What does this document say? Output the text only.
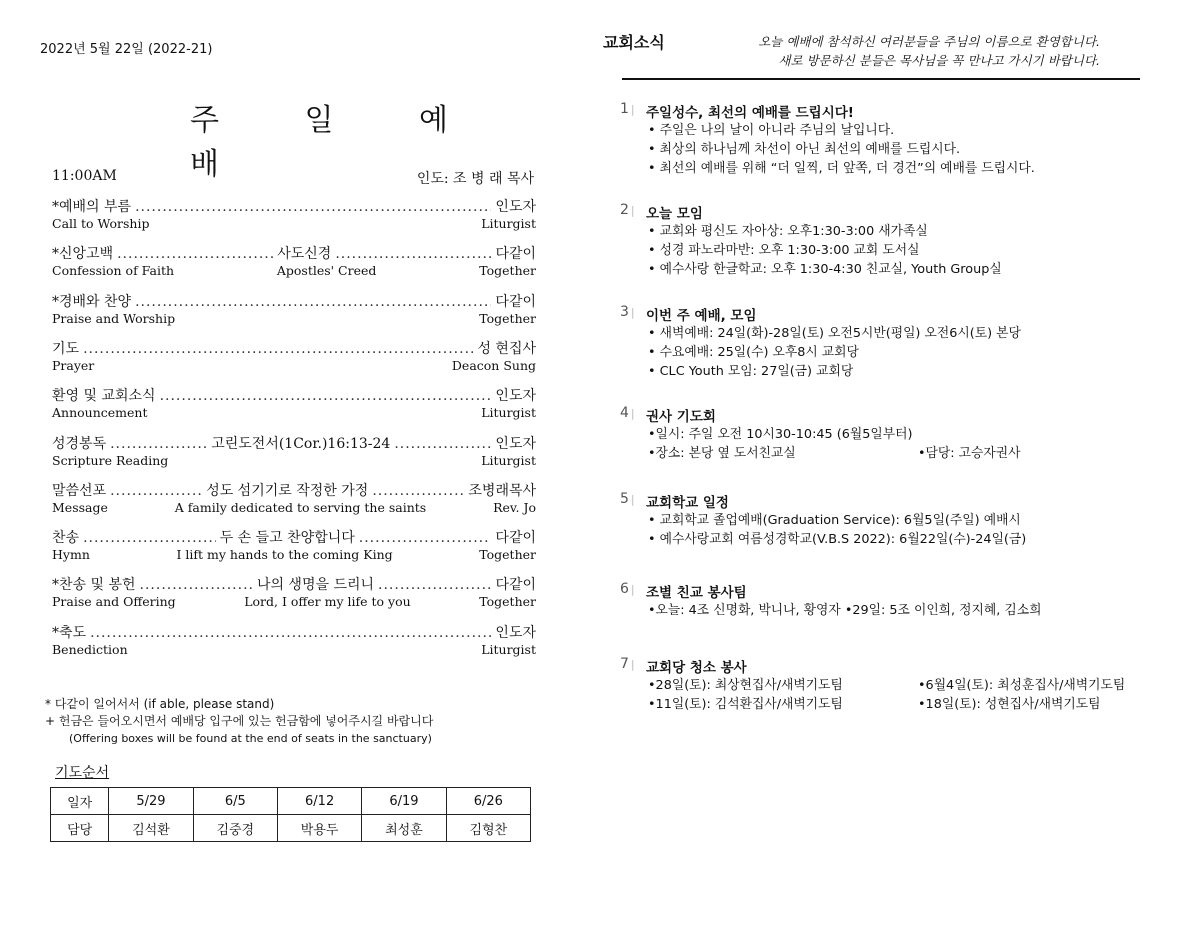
2022년 5월 22일 (2022-21)
주 일 예 배
11:00AM	인도: 조 병 래 목사
*예배의 부름 .....	인도자
Call to Worship	Liturgist
*신앙고백 .....	사도신경 .....	다같이
Confession of Faith	Apostles' Creed	Together
*경배와 찬양 .....	다같이
Praise and Worship	Together
기도 .....	성 현집사
Prayer	Deacon Sung
환영 및 교회소식 .....	인도자
Announcement	Liturgist
성경봉독 .....	고린도전서(1Cor.)16:13-24 .....	인도자
Scripture Reading	Liturgist
말씀선포 .....	성도 섬기기로 작정한 가정 .....	조병래목사
Message	A family dedicated to serving the saints	Rev. Jo
찬송 .....	두 손 들고 찬양합니다 .....	다같이
Hymn	I lift my hands to the coming King	Together
*찬송 및 봉헌 .....	나의 생명을 드리니 .....	다같이
Praise and Offering	Lord, I offer my life to you	Together
*축도 .....	인도자
Benediction	Liturgist
* 다같이 일어서서 (if able, please stand)
+ 헌금은 들어오시면서 예배당 입구에 있는 헌금함에 넣어주시길 바랍니다
(Offering boxes will be found at the end of seats in the sanctuary)
기도순서
일자	5/29	6/5	6/12	6/19	6/26
담당	김석환	김중경	박용두	최성훈	김형찬
교회소식	오늘 예배에 참석하신 여러분들을 주님의 이름으로 환영합니다.
새로 방문하신 분들은 목사님을 꼭 만나고 가시기 바랍니다.
1 |	주일성수, 최선의 예배를 드립시다!
• 주일은 나의 날이 아니라 주님의 날입니다.
• 최상의 하나님께 차선이 아닌 최선의 예배를 드립시다.
• 최선의 예배를 위해 “더 일찍, 더 앞쪽, 더 경건”의 예배를 드립시다.
2 |	오늘 모임
• 교회와 평신도 자아상: 오후1:30-3:00 새가족실
• 성경 파노라마반: 오후 1:30-3:00 교회 도서실
• 예수사랑 한글학교: 오후 1:30-4:30 친교실, Youth Group실
3 |	이번 주 예배, 모임
• 새벽예배: 24일(화)-28일(토) 오전5시반(평일) 오전6시(토) 본당
• 수요예배: 25일(수) 오후8시 교회당
• CLC Youth 모임: 27일(금) 교회당
4 |	권사 기도회
•일시: 주일 오전 10시30-10:45 (6월5일부터)
•장소: 본당 옆 도서친교실	•담당: 고승자권사
5 |	교회학교 일정
• 교회학교 졸업예배(Graduation Service): 6월5일(주일) 예배시
• 예수사랑교회 여름성경학교(V.B.S 2022): 6월22일(수)-24일(금)
6 |	조별 친교 봉사팀
•오늘: 4조 신명화, 박니나, 황영자 •29일: 5조 이인희, 정지혜, 김소희
7 |	교회당 청소 봉사
•28일(토): 최상현집사/새벽기도팀	•6월4일(토): 최성훈집사/새벽기도팀
•11일(토): 김석환집사/새벽기도팀	•18일(토): 성현집사/새벽기도팀
